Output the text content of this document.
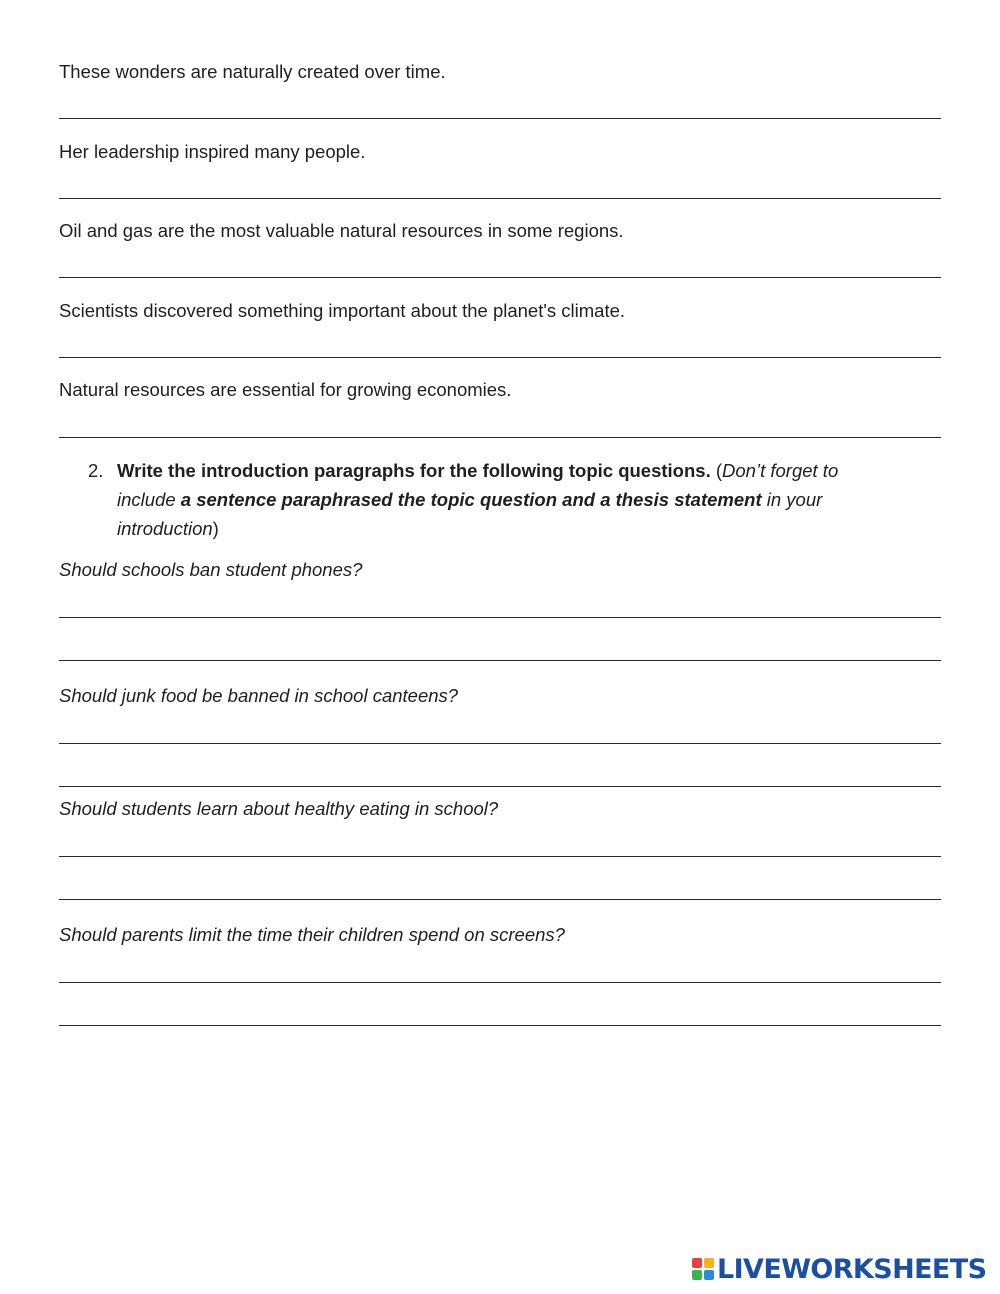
These wonders are naturally created over time.
Her leadership inspired many people.
Oil and gas are the most valuable natural resources in some regions.
Scientists discovered something important about the planet's climate.
Natural resources are essential for growing economies.
2. Write the introduction paragraphs for the following topic questions. (Don’t forget to include a sentence paraphrased the topic question and a thesis statement in your introduction)
Should schools ban student phones?
Should junk food be banned in school canteens?
Should students learn about healthy eating in school?
Should parents limit the time their children spend on screens?
LIVEWORKSHEETS
